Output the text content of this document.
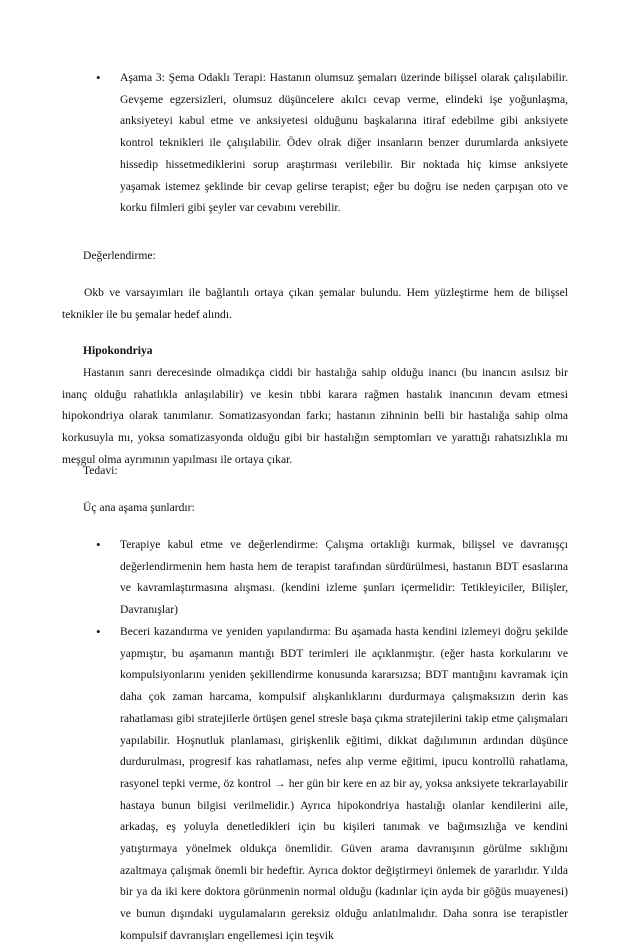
• Aşama 3: Şema Odaklı Terapi: Hastanın olumsuz şemaları üzerinde bilişsel olarak çalışılabilir. Gevşeme egzersizleri, olumsuz düşüncelere akılcı cevap verme, elindeki işe yoğunlaşma, anksiyeteyi kabul etme ve anksiyetesi olduğunu başkalarına itiraf edebilme gibi anksiyete kontrol teknikleri ile çalışılabilir. Ödev olrak diğer insanların benzer durumlarda anksiyete hissedip hissetmediklerini sorup araştırması verilebilir. Bir noktada hiç kimse anksiyete yaşamak istemez şeklinde bir cevap gelirse terapist; eğer bu doğru ise neden çarpışan oto ve korku filmleri gibi şeyler var cevabını verebilir.

Değerlendirme:

Okb ve varsayımları ile bağlantılı ortaya çıkan şemalar bulundu. Hem yüzleştirme hem de bilişsel teknikler ile bu şemalar hedef alındı.

Hipokondriya

Hastanın sanrı derecesinde olmadıkça ciddi bir hastalığa sahip olduğu inancı (bu inancın asılsız bir inanç olduğu rahatlıkla anlaşılabilir) ve kesin tıbbi karara rağmen hastalık inancının devam etmesi hipokondriya olarak tanımlanır. Somatizasyondan farkı; hastanın zihninin belli bir hastalığa sahip olma korkusuyla mı, yoksa somatizasyonda olduğu gibi bir hastalığın semptomları ve yarattığı rahatsızlıkla mı meşgul olma ayrımının yapılması ile ortaya çıkar.

Tedavi:

Üç ana aşama şunlardır:

• Terapiye kabul etme ve değerlendirme: Çalışma ortaklığı kurmak, bilişsel ve davranışçı değerlendirmenin hem hasta hem de terapist tarafından sürdürülmesi, hastanın BDT esaslarına ve kavramlaştırmasına alışması. (kendini izleme şunları içermelidir: Tetikleyiciler, Bilişler, Davranışlar)

• Beceri kazandırma ve yeniden yapılandırma: Bu aşamada hasta kendini izlemeyi doğru şekilde yapmıştır, bu aşamanın mantığı BDT terimleri ile açıklanmıştır. (eğer hasta korkularını ve kompulsiyonlarını yeniden şekillendirme konusunda kararsızsa; BDT mantığını kavramak için daha çok zaman harcama, kompulsif alışkanlıklarını durdurmaya çalışmaksızın derin kas rahatlaması gibi stratejilerle örtüşen genel stresle başa çıkma stratejilerini takip etme çalışmaları yapılabilir. Hoşnutluk planlaması, girişkenlik eğitimi, dikkat dağılımının ardından düşünce durdurulması, progresif kas rahatlaması, nefes alıp verme eğitimi, ipucu kontrollü rahatlama, rasyonel tepki verme, öz kontrol → her gün bir kere en az bir ay, yoksa anksiyete tekrarlayabilir hastaya bunun bilgisi verilmelidir.) Ayrıca hipokondriya hastalığı olanlar kendilerini aile, arkadaş, eş yoluyla denetledikleri için bu kişileri tanımak ve bağımsızlığa ve kendini yatıştırmaya yönelmek oldukça önemlidir. Güven arama davranışının görülme sıklığını azaltmaya çalışmak önemli bir hedeftir. Ayrıca doktor değiştirmeyi önlemek de yararlıdır. Yılda bir ya da iki kere doktora görünmenin normal olduğu (kadınlar için ayda bir göğüs muayenesi) ve bunun dışındaki uygulamaların gereksiz olduğu anlatılmalıdır. Daha sonra ise terapistler kompulsif davranışları engellemesi için teşvik
